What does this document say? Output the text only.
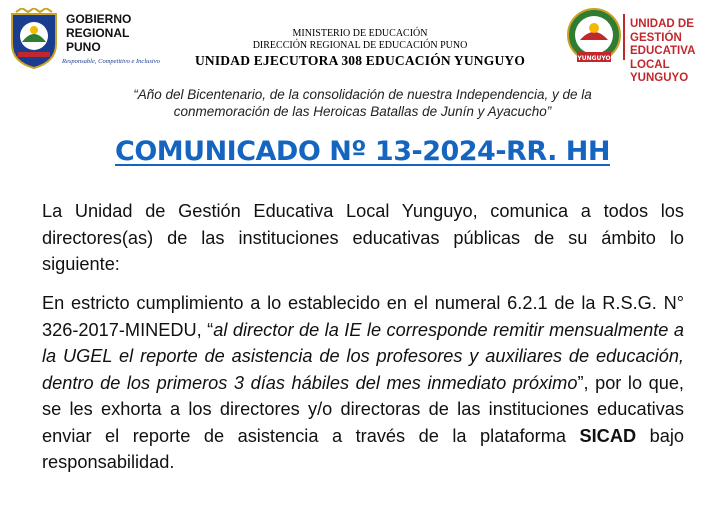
GOBIERNO
REGIONAL
PUNO
Responsable, Competitivo e Inclusivo
MINISTERIO DE EDUCACIÓN
DIRECCIÓN REGIONAL DE EDUCACIÓN PUNO
UNIDAD EJECUTORA 308 EDUCACIÓN YUNGUYO	YUNGUYO
UNIDAD DE GESTIÓN
EDUCATIVA LOCAL
YUNGUYO
“Año del Bicentenario, de la consolidación de nuestra Independencia, y de la
conmemoración de las Heroicas Batallas de Junín y Ayacucho”
COMUNICADO Nº 13-2024-RR. HH
La Unidad de Gestión Educativa Local Yunguyo, comunica a todos los directores(as) de las instituciones educativas públicas de su ámbito lo siguiente:
En estricto cumplimiento a lo establecido en el numeral 6.2.1 de la R.S.G. N° 326-2017-MINEDU, “al director de la IE le corresponde remitir mensualmente a la UGEL el reporte de asistencia de los profesores y auxiliares de educación, dentro de los primeros 3 días hábiles del mes inmediato próximo”, por lo que, se les exhorta a los directores y/o directoras de las instituciones educativas enviar el reporte de asistencia a través de la plataforma SICAD bajo responsabilidad.
